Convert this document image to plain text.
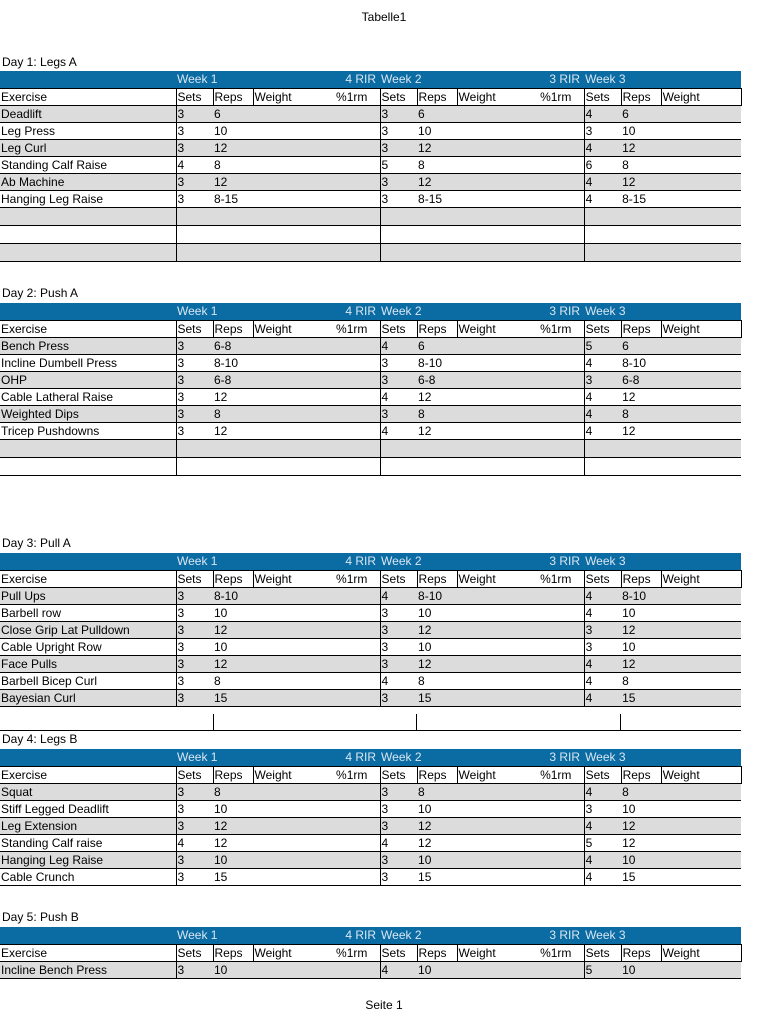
Tabelle1
Day 1: Legs A
	Week 1			4 RIR	Week 2			3 RIR	Week 3		
Exercise	Sets	Reps	Weight	%1rm	Sets	Reps	Weight	%1rm	Sets	Reps	Weight
Deadlift	3	6			3	6			4	6	
Leg Press	3	10			3	10			3	10	
Leg Curl	3	12			3	12			4	12	
Standing Calf Raise	4	8			5	8			6	8	
Ab Machine	3	12			3	12			4	12	
Hanging Leg Raise	3	8-15			3	8-15			4	8-15	

Day 2: Push A
	Week 1			4 RIR	Week 2			3 RIR	Week 3		
Exercise	Sets	Reps	Weight	%1rm	Sets	Reps	Weight	%1rm	Sets	Reps	Weight
Bench Press	3	6-8			4	6			5	6	
Incline Dumbell Press	3	8-10			3	8-10			4	8-10	
OHP	3	6-8			3	6-8			3	6-8	
Cable Latheral Raise	3	12			4	12			4	12	
Weighted Dips	3	8			3	8			4	8	
Tricep Pushdowns	3	12			4	12			4	12	

Day 3: Pull A
	Week 1			4 RIR	Week 2			3 RIR	Week 3		
Exercise	Sets	Reps	Weight	%1rm	Sets	Reps	Weight	%1rm	Sets	Reps	Weight
Pull Ups	3	8-10			4	8-10			4	8-10	
Barbell row	3	10			3	10			4	10	
Close Grip Lat Pulldown	3	12			3	12			3	12	
Cable Upright Row	3	10			3	10			3	10	
Face Pulls	3	12			3	12			4	12	
Barbell Bicep Curl	3	8			4	8			4	8	
Bayesian Curl	3	15			3	15			4	15	
Day 4: Legs B
	Week 1			4 RIR	Week 2			3 RIR	Week 3		
Exercise	Sets	Reps	Weight	%1rm	Sets	Reps	Weight	%1rm	Sets	Reps	Weight
Squat	3	8			3	8			4	8	
Stiff Legged Deadlift	3	10			3	10			3	10	
Leg Extension	3	12			3	12			4	12	
Standing Calf raise	4	12			4	12			5	12	
Hanging Leg Raise	3	10			3	10			4	10	
Cable Crunch	3	15			3	15			4	15	
Day 5: Push B
	Week 1			4 RIR	Week 2			3 RIR	Week 3		
Exercise	Sets	Reps	Weight	%1rm	Sets	Reps	Weight	%1rm	Sets	Reps	Weight
Incline Bench Press	3	10			4	10			5	10	
Seite 1
